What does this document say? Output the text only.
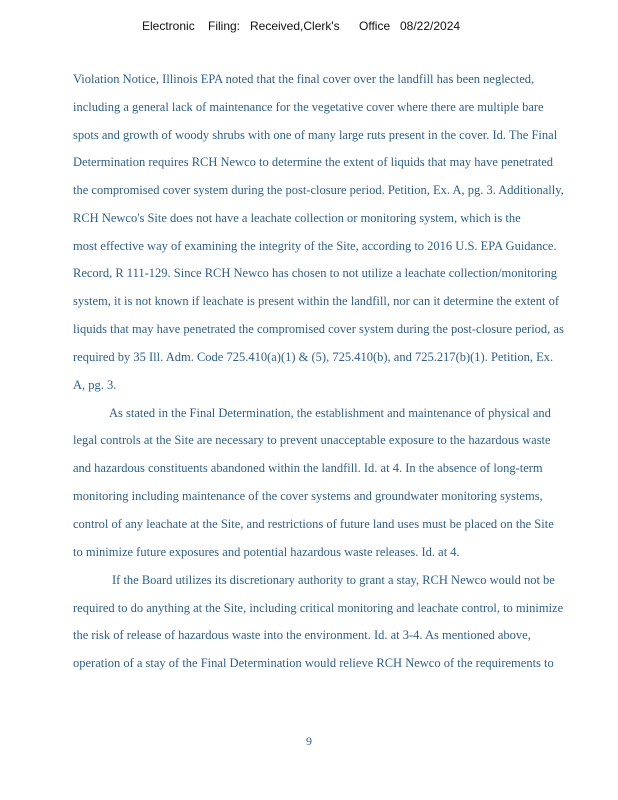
Electronic Filing: Received,Clerk's Office 08/22/2024
Violation Notice, Illinois EPA noted that the final cover over the landfill has been neglected,
including a general lack of maintenance for the vegetative cover where there are multiple bare
spots and growth of woody shrubs with one of many large ruts present in the cover. Id. The Final
Determination requires RCH Newco to determine the extent of liquids that may have penetrated
the compromised cover system during the post-closure period. Petition, Ex. A, pg. 3. Additionally,
RCH Newco's Site does not have a leachate collection or monitoring system, which is the
most effective way of examining the integrity of the Site, according to 2016 U.S. EPA Guidance.
Record, R 111-129. Since RCH Newco has chosen to not utilize a leachate collection/monitoring
system, it is not known if leachate is present within the landfill, nor can it determine the extent of
liquids that may have penetrated the compromised cover system during the post-closure period, as
required by 35 Ill. Adm. Code 725.410(a)(1) & (5), 725.410(b), and 725.217(b)(1). Petition, Ex.
A, pg. 3.
As stated in the Final Determination, the establishment and maintenance of physical and
legal controls at the Site are necessary to prevent unacceptable exposure to the hazardous waste
and hazardous constituents abandoned within the landfill. Id. at 4. In the absence of long-term
monitoring including maintenance of the cover systems and groundwater monitoring systems,
control of any leachate at the Site, and restrictions of future land uses must be placed on the Site
to minimize future exposures and potential hazardous waste releases. Id. at 4.
If the Board utilizes its discretionary authority to grant a stay, RCH Newco would not be
required to do anything at the Site, including critical monitoring and leachate control, to minimize
the risk of release of hazardous waste into the environment. Id. at 3-4. As mentioned above,
operation of a stay of the Final Determination would relieve RCH Newco of the requirements to
9
